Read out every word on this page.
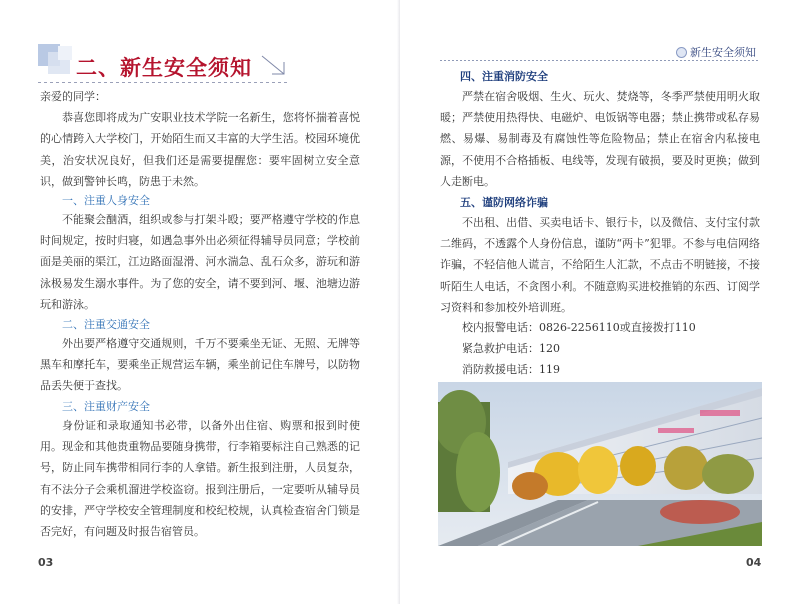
二、新生安全须知

亲爱的同学：

恭喜您即将成为广安职业技术学院一名新生，您将怀揣着喜悦的心情跨入大学校门，开始陌生而又丰富的大学生活。校园环境优美，治安状况良好，但我们还是需要提醒您：要牢固树立安全意识，做到警钟长鸣，防患于未然。

一、注重人身安全

不能聚会酗酒，组织或参与打架斗殴；要严格遵守学校的作息时间规定，按时归寝，如遇急事外出必须征得辅导员同意；学校前面是美丽的渠江，江边路面湿滑、河水湍急、乱石众多，游玩和游泳极易发生溺水事件。为了您的安全，请不要到河、堰、池塘边游玩和游泳。

二、注重交通安全

外出要严格遵守交通规则，千万不要乘坐无证、无照、无牌等黑车和摩托车，要乘坐正规营运车辆，乘坐前记住车牌号，以防物品丢失便于查找。

三、注重财产安全

身份证和录取通知书必带，以备外出住宿、购票和报到时使用。现金和其他贵重物品要随身携带，行李箱要标注自己熟悉的记号，防止同车携带相同行李的人拿错。新生报到注册，人员复杂，有不法分子会乘机溜进学校盗窃。报到注册后，一定要听从辅导员的安排，严守学校安全管理制度和校纪校规，认真检查宿舍门锁是否完好，有问题及时报告宿管员。

03
新生安全须知
四、注重消防安全

严禁在宿舍吸烟、生火、玩火、焚烧等，冬季严禁使用明火取暖；严禁使用热得快、电磁炉、电饭锅等电器；禁止携带或私存易燃、易爆、易制毒及有腐蚀性等危险物品；禁止在宿舍内私接电源，不使用不合格插板、电线等，发现有破损，要及时更换；做到人走断电。

五、谨防网络诈骗

不出租、出借、买卖电话卡、银行卡，以及微信、支付宝付款二维码，不透露个人身份信息，谨防“两卡”犯罪。不参与电信网络诈骗，不轻信他人谎言，不给陌生人汇款，不点击不明链接，不接听陌生人电话，不贪图小利。不随意购买进校推销的东西、订阅学习资料和参加校外培训班。

校内报警电话：0826-2256110或直接拨打110
紧急救护电话：120
消防救援电话：119
04
